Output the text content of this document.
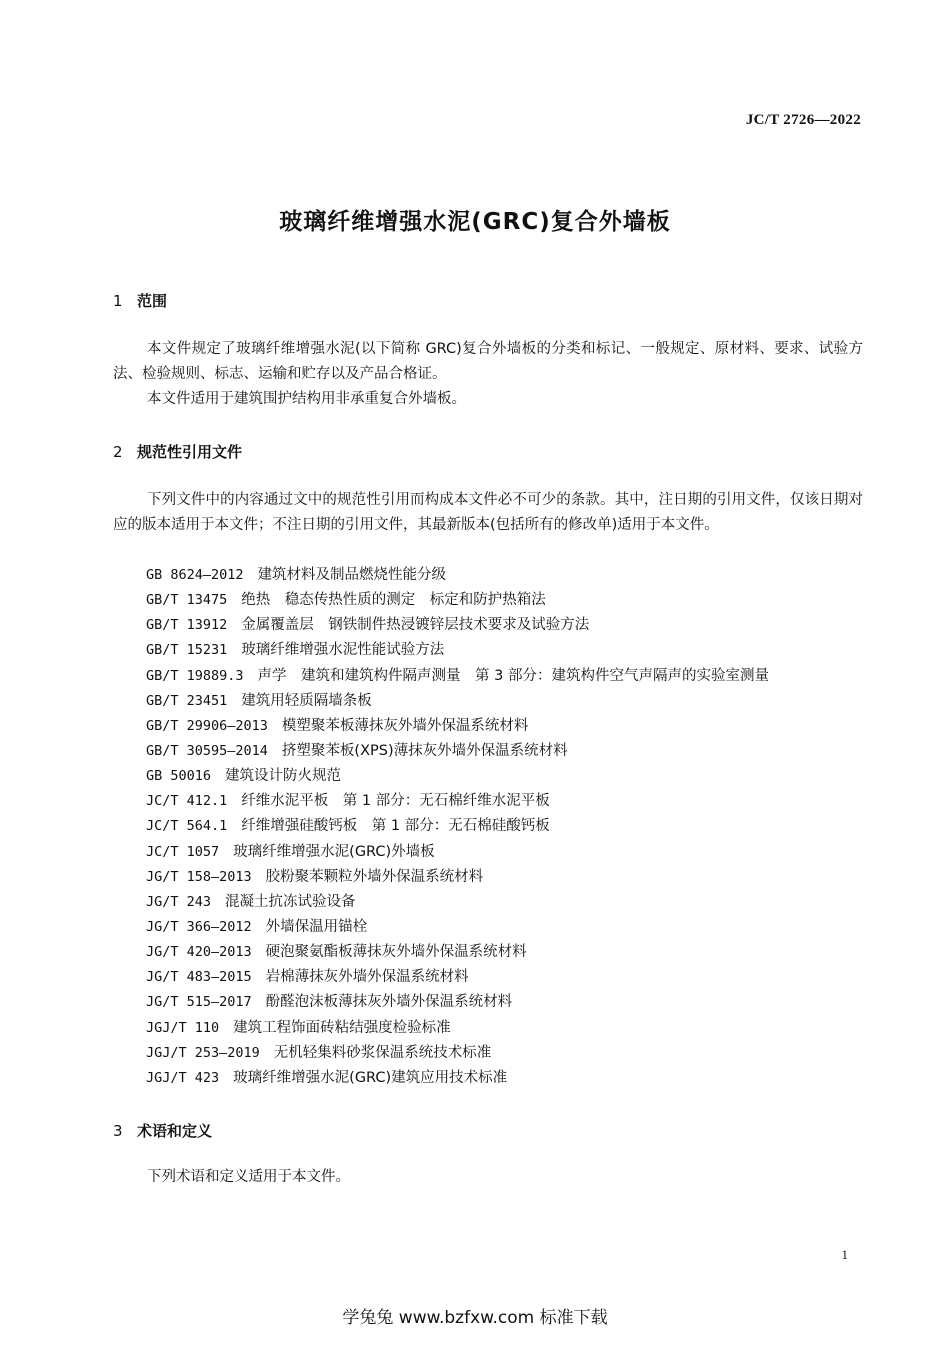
JC/T 2726—2022
玻璃纤维增强水泥(GRC)复合外墙板
1 范围
本文件规定了玻璃纤维增强水泥(以下简称 GRC)复合外墙板的分类和标记、一般规定、原材料、要求、试验方法、检验规则、标志、运输和贮存以及产品合格证。
本文件适用于建筑围护结构用非承重复合外墙板。
2 规范性引用文件
下列文件中的内容通过文中的规范性引用而构成本文件必不可少的条款。其中，注日期的引用文件，仅该日期对应的版本适用于本文件；不注日期的引用文件，其最新版本(包括所有的修改单)适用于本文件。
GB 8624—2012 建筑材料及制品燃烧性能分级
GB/T 13475 绝热　稳态传热性质的测定　标定和防护热箱法
GB/T 13912 金属覆盖层　钢铁制件热浸镀锌层技术要求及试验方法
GB/T 15231 玻璃纤维增强水泥性能试验方法
GB/T 19889.3 声学　建筑和建筑构件隔声测量　第 3 部分：建筑构件空气声隔声的实验室测量
GB/T 23451 建筑用轻质隔墙条板
GB/T 29906—2013 模塑聚苯板薄抹灰外墙外保温系统材料
GB/T 30595—2014 挤塑聚苯板(XPS)薄抹灰外墙外保温系统材料
GB 50016 建筑设计防火规范
JC/T 412.1 纤维水泥平板　第 1 部分：无石棉纤维水泥平板
JC/T 564.1 纤维增强硅酸钙板　第 1 部分：无石棉硅酸钙板
JC/T 1057 玻璃纤维增强水泥(GRC)外墙板
JG/T 158—2013 胶粉聚苯颗粒外墙外保温系统材料
JG/T 243 混凝土抗冻试验设备
JG/T 366—2012 外墙保温用锚栓
JG/T 420—2013 硬泡聚氨酯板薄抹灰外墙外保温系统材料
JG/T 483—2015 岩棉薄抹灰外墙外保温系统材料
JG/T 515—2017 酚醛泡沫板薄抹灰外墙外保温系统材料
JGJ/T 110 建筑工程饰面砖粘结强度检验标准
JGJ/T 253—2019 无机轻集料砂浆保温系统技术标准
JGJ/T 423 玻璃纤维增强水泥(GRC)建筑应用技术标准
3 术语和定义
下列术语和定义适用于本文件。
1
学兔兔 www.bzfxw.com 标准下载
